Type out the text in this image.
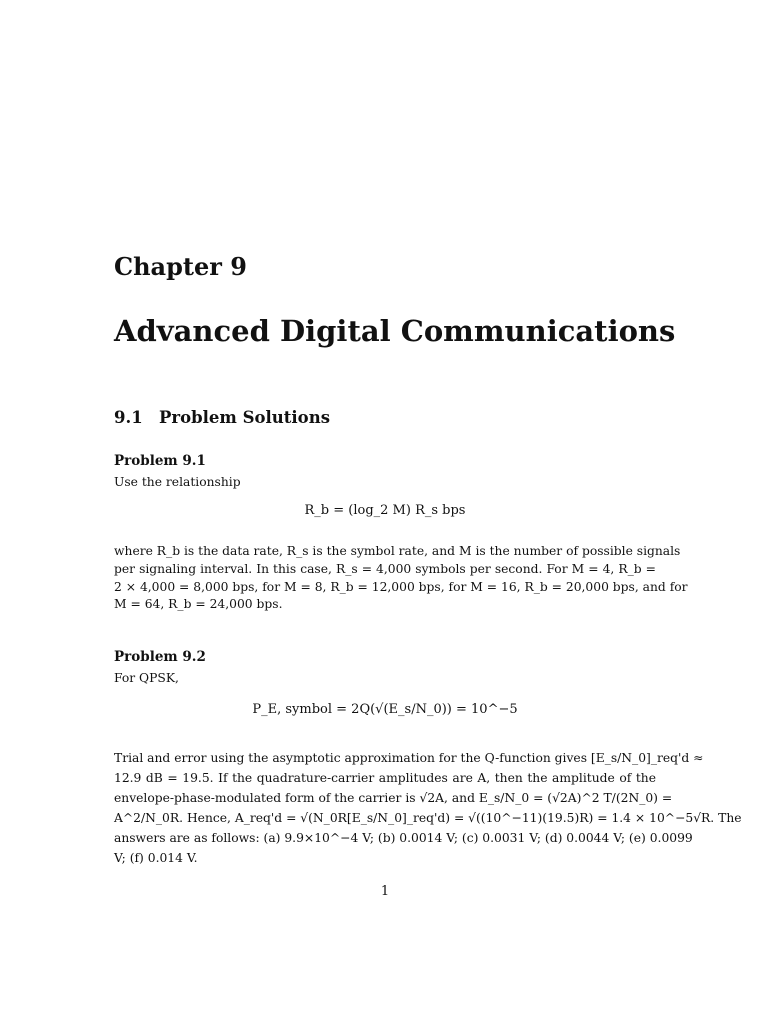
Chapter 9
Advanced Digital Communications
9.1 Problem Solutions
Problem 9.1
Use the relationship
R_b = (log_2 M) R_s bps
where R_b is the data rate, R_s is the symbol rate, and M is the number of possible signals
per signaling interval. In this case, R_s = 4,000 symbols per second. For M = 4, R_b =
2 × 4,000 = 8,000 bps, for M = 8, R_b = 12,000 bps, for M = 16, R_b = 20,000 bps, and for
M = 64, R_b = 24,000 bps.
Problem 9.2
For QPSK,
P_E, symbol = 2Q(√(E_s/N_0)) = 10^−5
Trial and error using the asymptotic approximation for the Q-function gives [E_s/N_0]_req'd ≈
12.9 dB = 19.5. If the quadrature-carrier amplitudes are A, then the amplitude of the
envelope-phase-modulated form of the carrier is √2A, and E_s/N_0 = (√2A)^2 T/(2N_0) =
A^2/N_0R. Hence, A_req'd = √(N_0R[E_s/N_0]_req'd) = √((10^−11)(19.5)R) = 1.4 × 10^−5√R. The
answers are as follows: (a) 9.9×10^−4 V; (b) 0.0014 V; (c) 0.0031 V; (d) 0.0044 V; (e) 0.0099
V; (f) 0.014 V.
1
